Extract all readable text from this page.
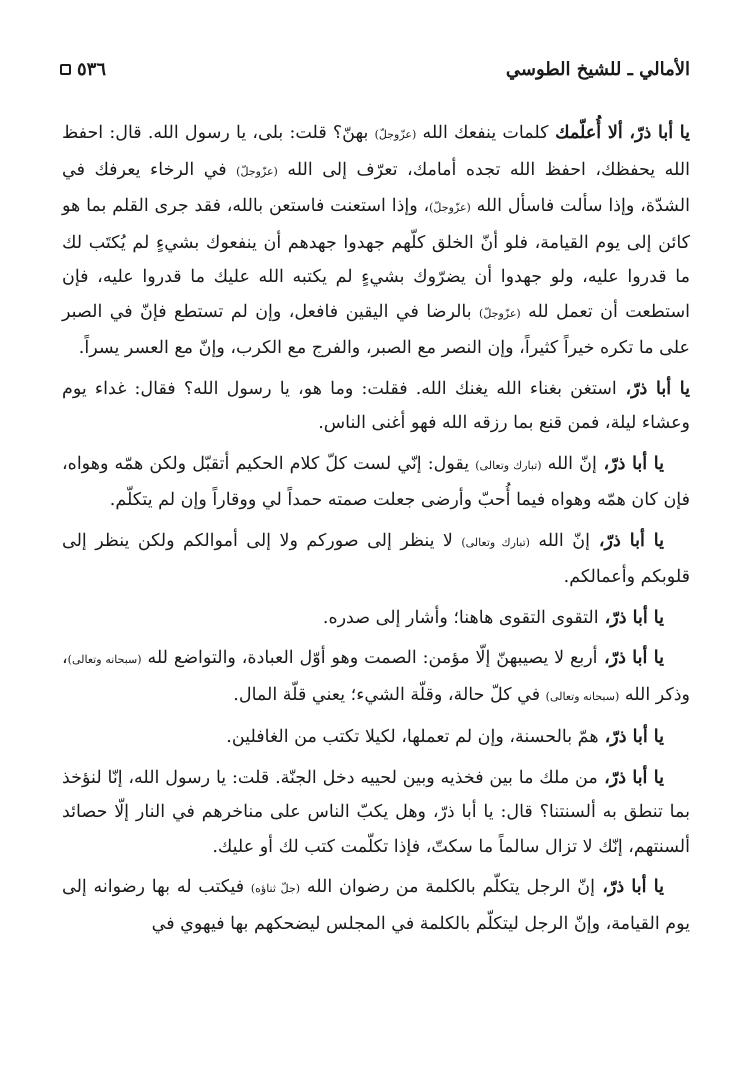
الأمالي ـ للشيخ الطوسي
٥٣٦

يا أبا ذرّ، ألا أُعلّمك كلمات ينفعك الله (عزّوجلّ) بهنّ؟ قلت: بلى، يا رسول الله. قال: احفظ الله يحفظك، احفظ الله تجده أمامك، تعرّف إلى الله (عزّوجلّ) في الرخاء يعرفك في الشدّة، وإذا سألت فاسأل الله (عزّوجلّ)، وإذا استعنت فاستعن بالله، فقد جرى القلم بما هو كائن إلى يوم القيامة، فلو أنّ الخلق كلّهم جهدوا جهدهم أن ينفعوك بشيءٍ لم يُكتَب لك ما قدروا عليه، ولو جهدوا أن يضرّوك بشيءٍ لم يكتبه الله عليك ما قدروا عليه، فإن استطعت أن تعمل لله (عزّوجلّ) بالرضا في اليقين فافعل، وإن لم تستطع فإنّ في الصبر على ما تكره خيراً كثيراً، وإن النصر مع الصبر، والفرج مع الكرب، وإنّ مع العسر يسراً.

يا أبا ذرّ، استغن بغناء الله يغنك الله. فقلت: وما هو، يا رسول الله؟ فقال: غداء يوم وعشاء ليلة، فمن قنع بما رزقه الله فهو أغنى الناس.

يا أبا ذرّ، إنّ الله (تبارك وتعالى) يقول: إنّي لست كلّ كلام الحكيم أتقبّل ولكن همّه وهواه، فإن كان همّه وهواه فيما أُحبّ وأرضى جعلت صمته حمداً لي ووقاراً وإن لم يتكلّم.

يا أبا ذرّ، إنّ الله (تبارك وتعالى) لا ينظر إلى صوركم ولا إلى أموالكم ولكن ينظر إلى قلوبكم وأعمالكم.

يا أبا ذرّ، التقوى التقوى هاهنا؛ وأشار إلى صدره.

يا أبا ذرّ، أربع لا يصيبهنّ إلّا مؤمن: الصمت وهو أوّل العبادة، والتواضع لله (سبحانه وتعالى)، وذكر الله (سبحانه وتعالى) في كلّ حالة، وقلّة الشيء؛ يعني قلّة المال.

يا أبا ذرّ، همّ بالحسنة، وإن لم تعملها، لكيلا تكتب من الغافلين.

يا أبا ذرّ، من ملك ما بين فخذيه وبين لحييه دخل الجنّة. قلت: يا رسول الله، إنّا لنؤخذ بما تنطق به ألسنتنا؟ قال: يا أبا ذرّ، وهل يكبّ الناس على مناخرهم في النار إلّا حصائد ألسنتهم، إنّك لا تزال سالماً ما سكتّ، فإذا تكلّمت كتب لك أو عليك.

يا أبا ذرّ، إنّ الرجل يتكلّم بالكلمة من رضوان الله (جلّ ثناؤه) فيكتب له بها رضوانه إلى يوم القيامة، وإنّ الرجل ليتكلّم بالكلمة في المجلس ليضحكهم بها فيهوي في
